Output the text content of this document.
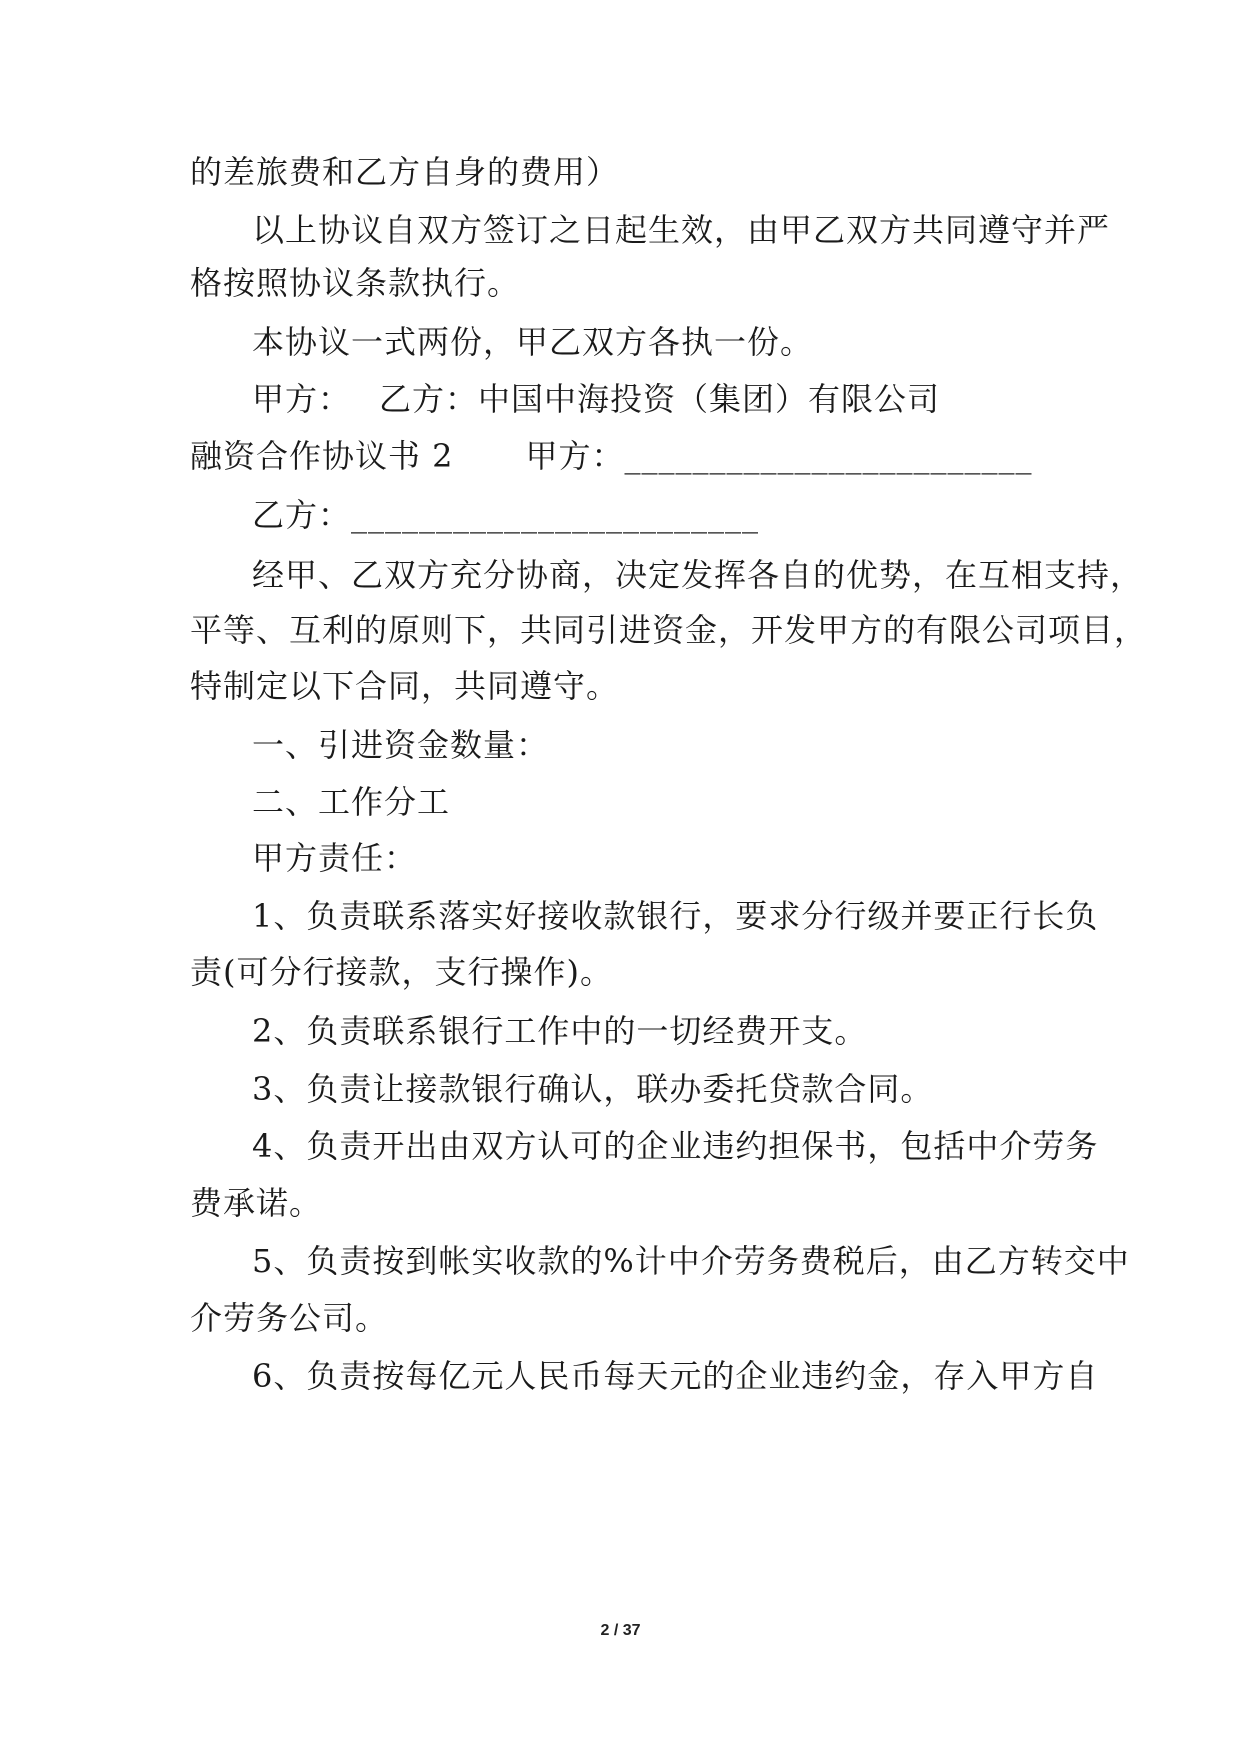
的差旅费和乙方自身的费用）
以上协议自双方签订之日起生效，由甲乙双方共同遵守并严
格按照协议条款执行。
本协议一式两份，甲乙双方各执一份。
甲方： 乙方：中国中海投资（集团）有限公司
融资合作协议书 2 甲方：________________________
乙方：________________________
经甲、乙双方充分协商，决定发挥各自的优势，在互相支持，
平等、互利的原则下，共同引进资金，开发甲方的有限公司项目，
特制定以下合同，共同遵守。
一、引进资金数量：
二、工作分工
甲方责任：
1、负责联系落实好接收款银行，要求分行级并要正行长负
责(可分行接款，支行操作)。
2、负责联系银行工作中的一切经费开支。
3、负责让接款银行确认，联办委托贷款合同。
4、负责开出由双方认可的企业违约担保书，包括中介劳务
费承诺。
5、负责按到帐实收款的%计中介劳务费税后，由乙方转交中
介劳务公司。
6、负责按每亿元人民币每天元的企业违约金，存入甲方自
2 / 37
